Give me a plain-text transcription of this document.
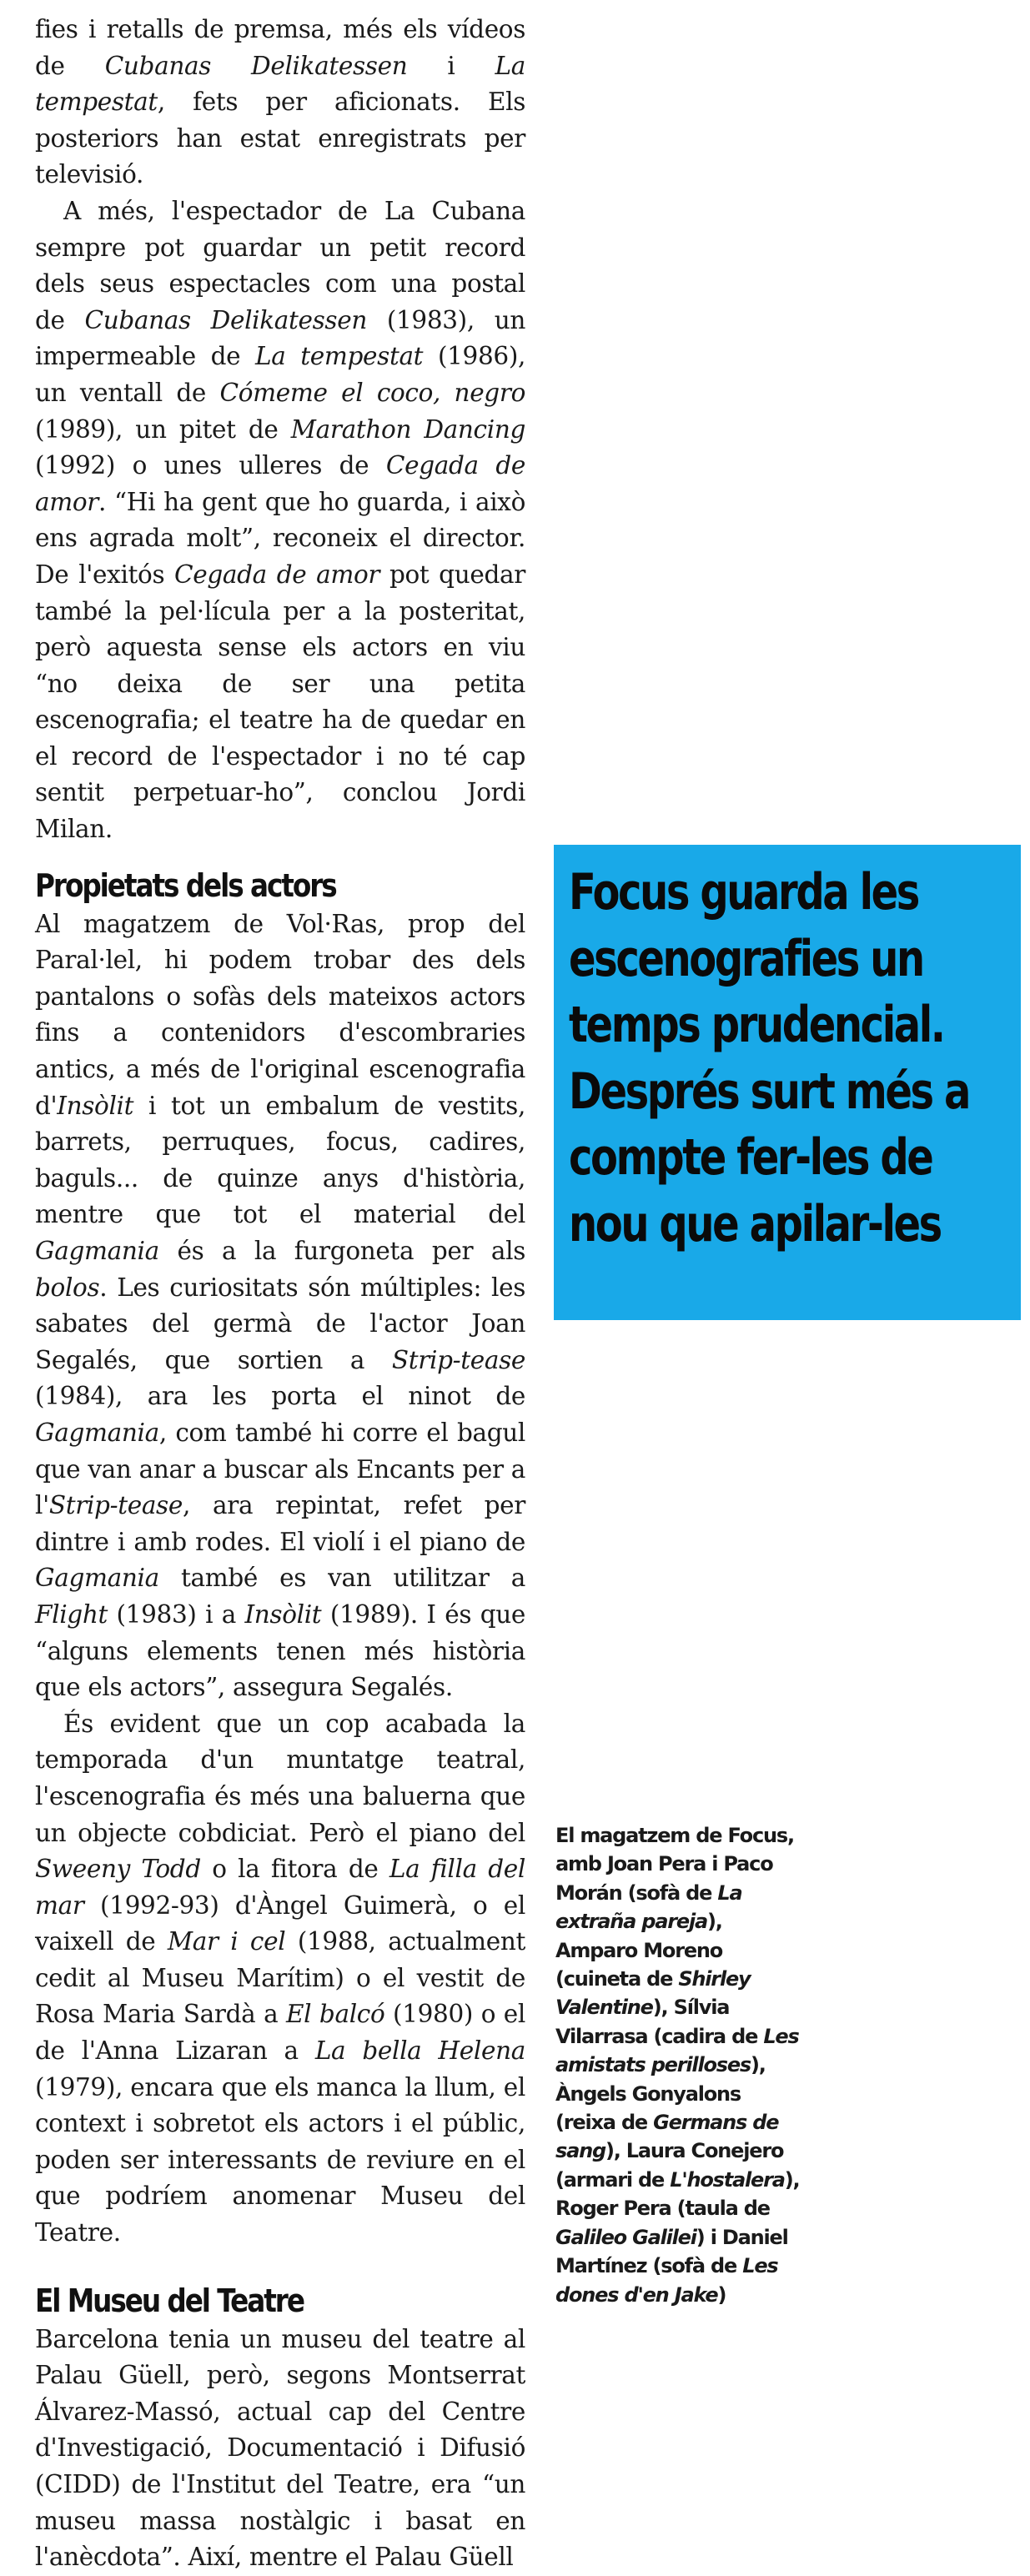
fies i retalls de premsa, més els vídeos de Cubanas Delikatessen i La tempestat, fets per aficionats. Els posteriors han estat enregistrats per televisió.

A més, l'espectador de La Cubana sempre pot guardar un petit record dels seus espectacles com una postal de Cubanas Delikatessen (1983), un impermeable de La tempestat (1986), un ventall de Cómeme el coco, negro (1989), un pitet de Marathon Dancing (1992) o unes ulleres de Cegada de amor. “Hi ha gent que ho guarda, i això ens agrada molt”, reconeix el director. De l'exitós Cegada de amor pot quedar també la pel·lícula per a la posteritat, però aquesta sense els actors en viu “no deixa de ser una petita escenografia; el teatre ha de quedar en el record de l'espectador i no té cap sentit perpetuar-ho”, conclou Jordi Milan.

Propietats dels actors

Al magatzem de Vol·Ras, prop del Paral·lel, hi podem trobar des dels pantalons o sofàs dels mateixos actors fins a contenidors d'escombraries antics, a més de l'original escenografia d'Insòlit i tot un embalum de vestits, barrets, perruques, focus, cadires, baguls... de quinze anys d'història, mentre que tot el material del Gagmania és a la furgoneta per als bolos. Les curiositats són múltiples: les sabates del germà de l'actor Joan Segalés, que sortien a Strip-tease (1984), ara les porta el ninot de Gagmania, com també hi corre el bagul que van anar a buscar als Encants per a l'Strip-tease, ara repintat, refet per dintre i amb rodes. El violí i el piano de Gagmania també es van utilitzar a Flight (1983) i a Insòlit (1989). I és que “alguns elements tenen més història que els actors”, assegura Segalés.

És evident que un cop acabada la temporada d'un muntatge teatral, l'escenografia és més una baluerna que un objecte cobdiciat. Però el piano del Sweeny Todd o la fitora de La filla del mar (1992-93) d'Àngel Guimerà, o el vaixell de Mar i cel (1988, actualment cedit al Museu Marítim) o el vestit de Rosa Maria Sardà a El balcó (1980) o el de l'Anna Lizaran a La bella Helena (1979), encara que els manca la llum, el context i sobretot els actors i el públic, poden ser interessants de reviure en el que podríem anomenar Museu del Teatre.

El Museu del Teatre

Barcelona tenia un museu del teatre al Palau Güell, però, segons Montserrat Álvarez-Massó, actual cap del Centre d'Investigació, Documentació i Difusió (CIDD) de l'Institut del Teatre, era “un museu massa nostàlgic i basat en l'anècdota”. Així, mentre el Palau Güell

Focus guarda les
escenografies un
temps prudencial.
Després surt més a
compte fer-les de
nou que apilar-les
El magatzem de Focus, amb Joan Pera i Paco Morán (sofà de La extraña pareja), Amparo Moreno (cuineta de Shirley Valentine), Sílvia Vilarrasa (cadira de Les amistats perilloses), Àngels Gonyalons (reixa de Germans de sang), Laura Conejero (armari de L'hostalera), Roger Pera (taula de Galileo Galilei) i Daniel Martínez (sofà de Les dones d'en Jake)
